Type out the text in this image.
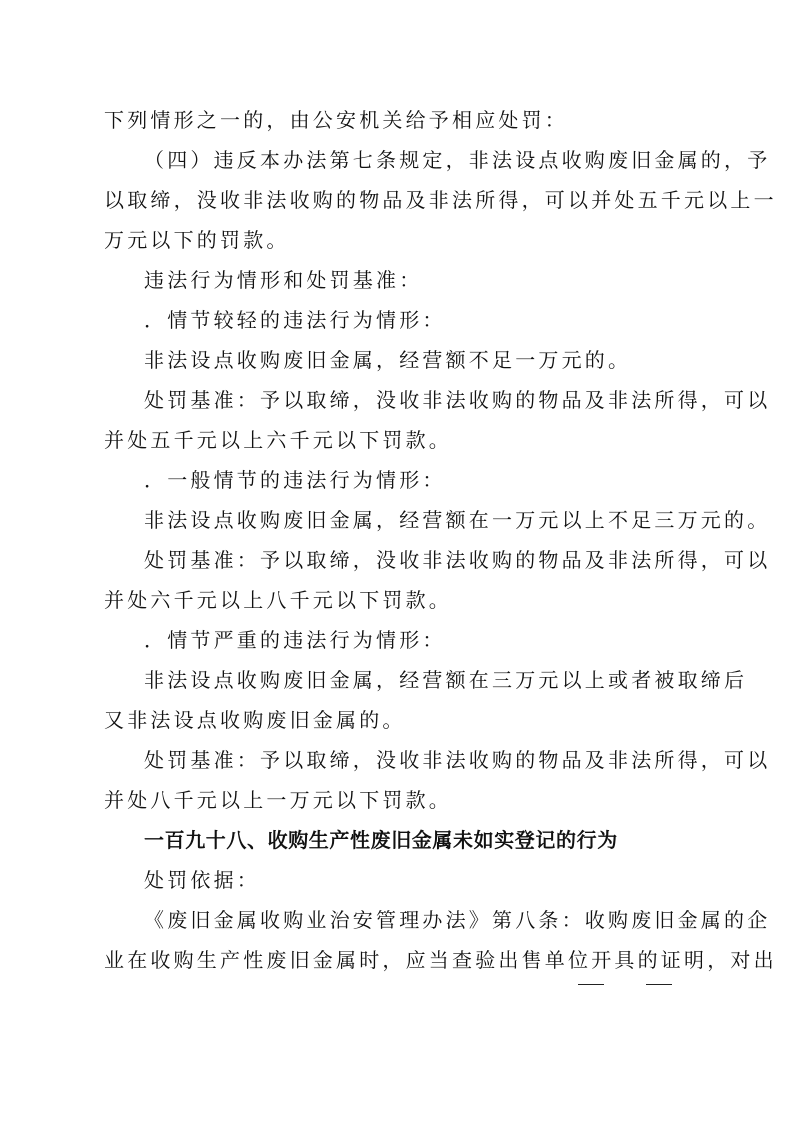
下列情形之一的，由公安机关给予相应处罚：
（四）违反本办法第七条规定，非法设点收购废旧金属的，予
以取缔，没收非法收购的物品及非法所得，可以并处五千元以上一
万元以下的罚款。
违法行为情形和处罚基准：
．情节较轻的违法行为情形：
非法设点收购废旧金属，经营额不足一万元的。
处罚基准：予以取缔，没收非法收购的物品及非法所得，可以
并处五千元以上六千元以下罚款。
．一般情节的违法行为情形：
非法设点收购废旧金属，经营额在一万元以上不足三万元的。
处罚基准：予以取缔，没收非法收购的物品及非法所得，可以
并处六千元以上八千元以下罚款。
．情节严重的违法行为情形：
非法设点收购废旧金属，经营额在三万元以上或者被取缔后
又非法设点收购废旧金属的。
处罚基准：予以取缔，没收非法收购的物品及非法所得，可以
并处八千元以上一万元以下罚款。
一百九十八、收购生产性废旧金属未如实登记的行为
处罚依据：
《废旧金属收购业治安管理办法》第八条：收购废旧金属的企
业在收购生产性废旧金属时，应当查验出售单位开具的证明，对出
